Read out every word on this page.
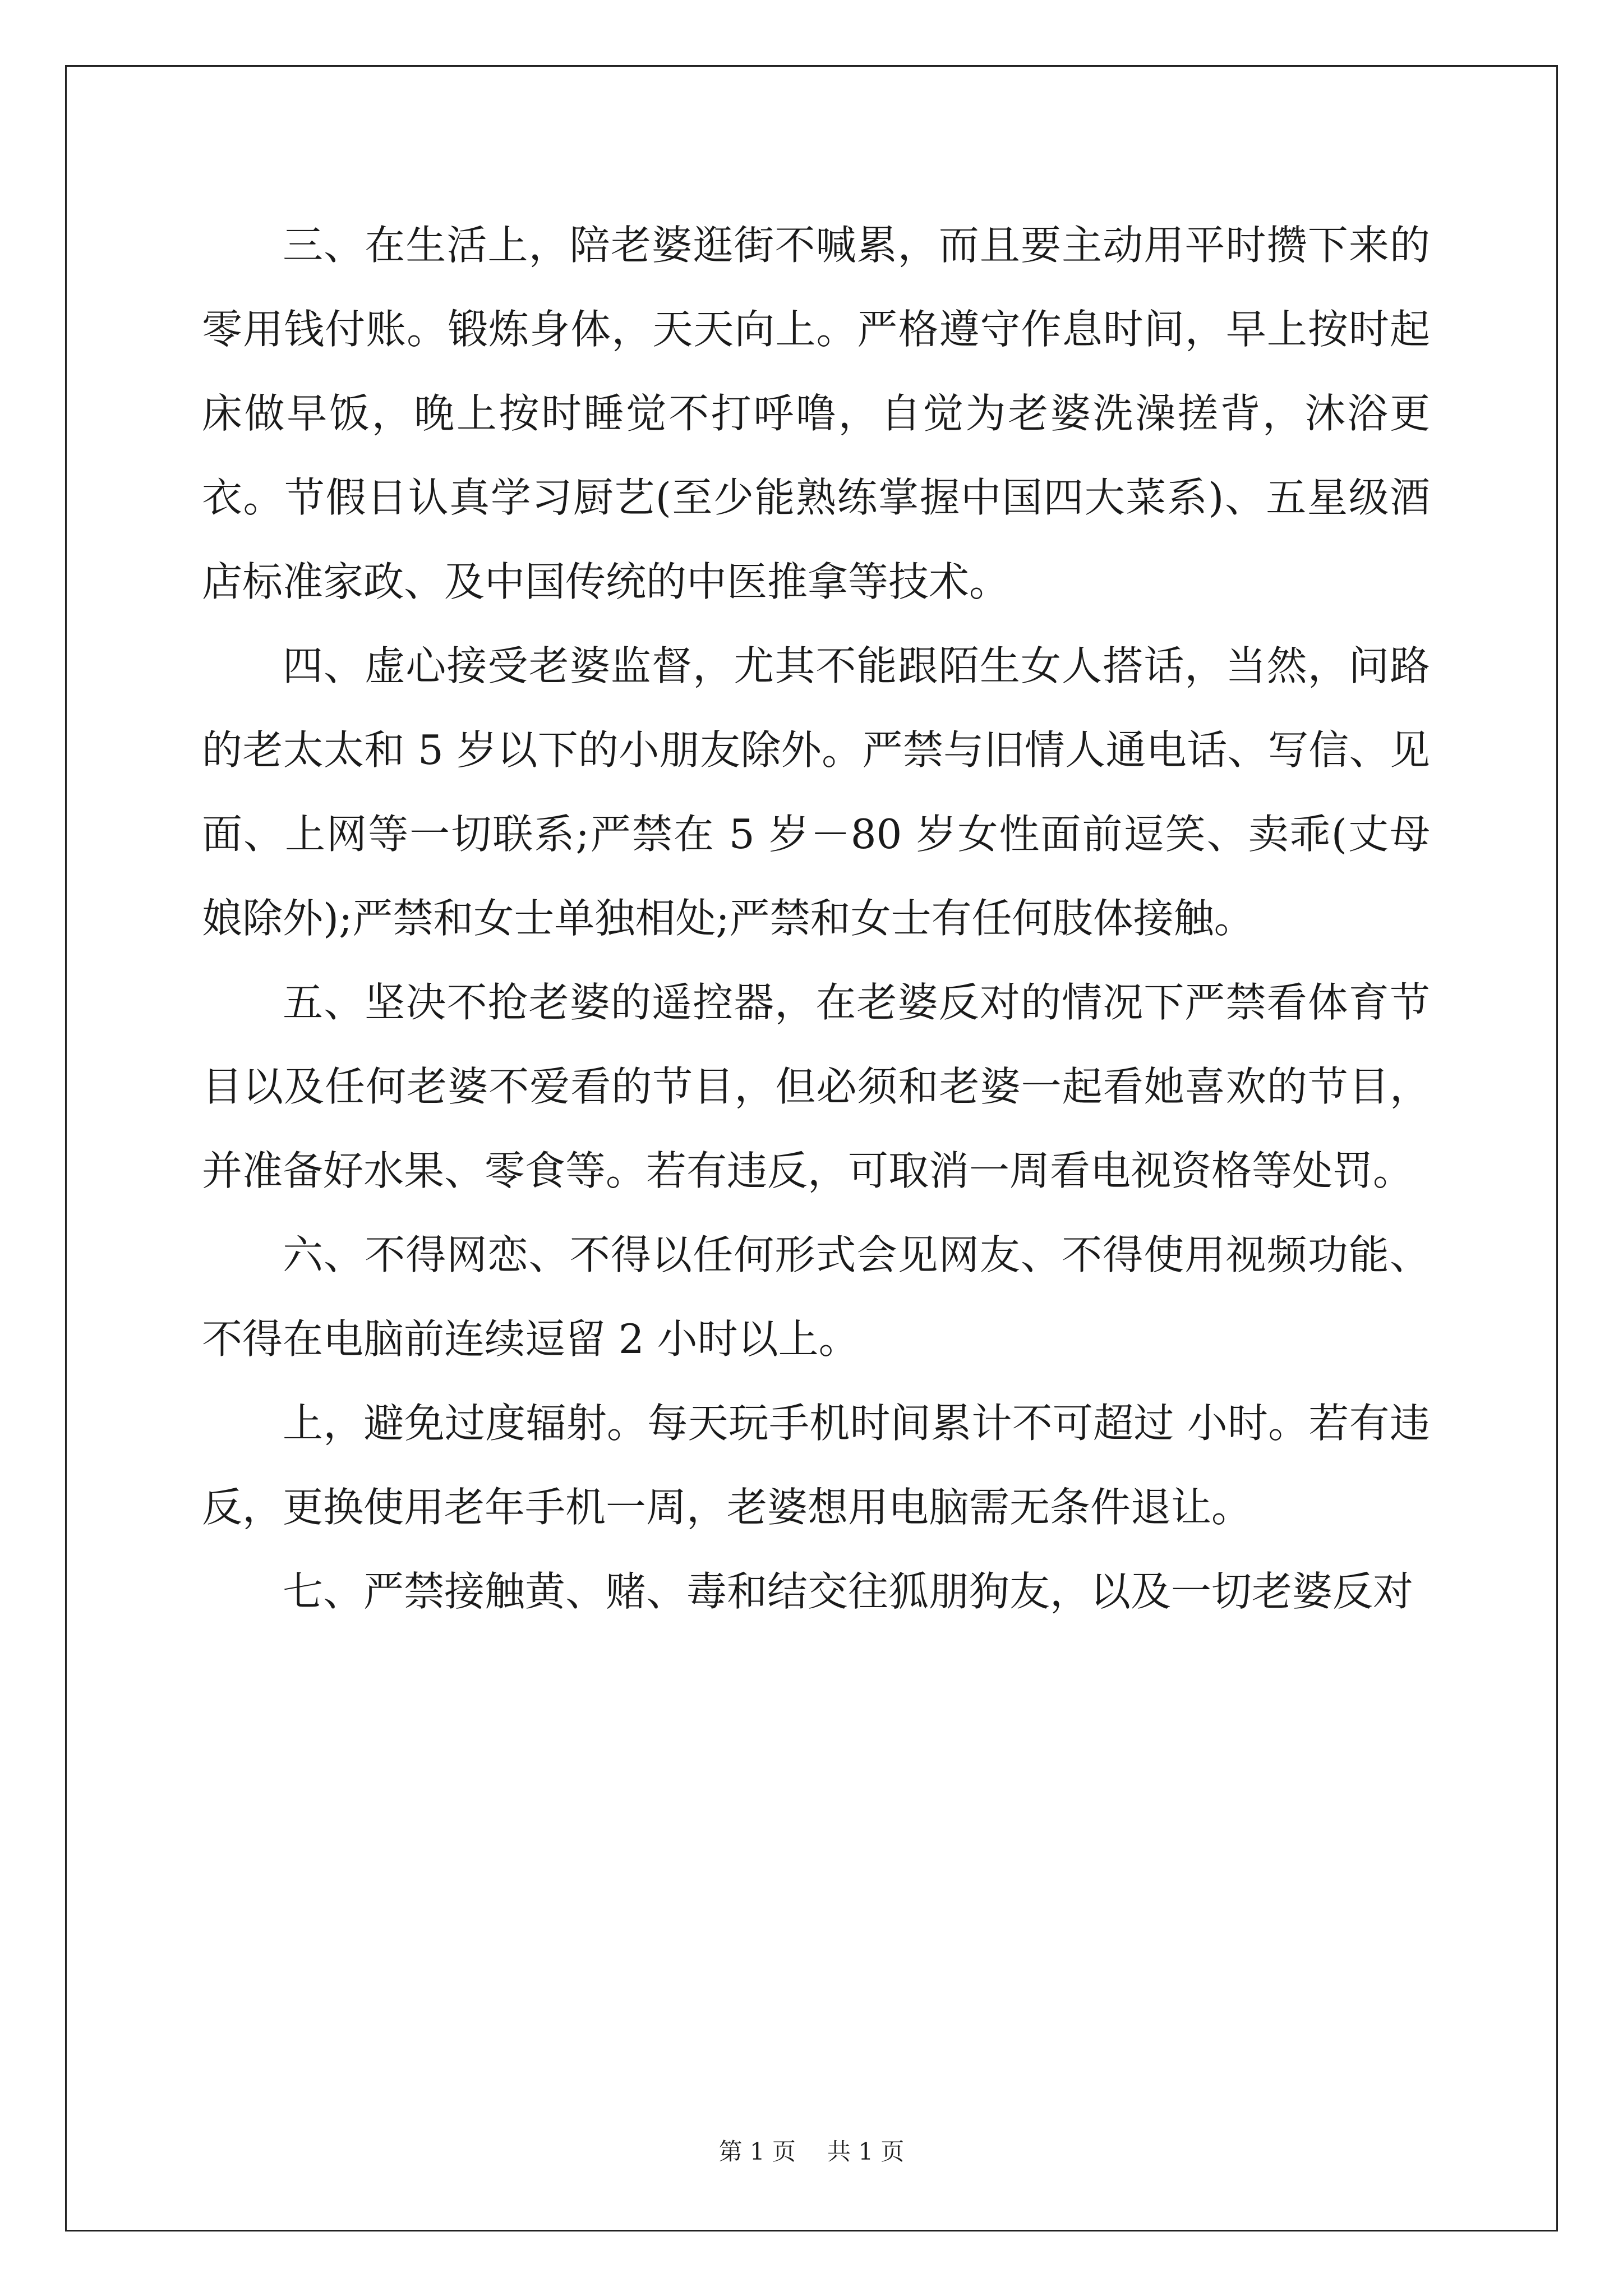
三、在生活上，陪老婆逛街不喊累，而且要主动用平时攒下来的零用钱付账。锻炼身体，天天向上。严格遵守作息时间，早上按时起床做早饭，晚上按时睡觉不打呼噜，自觉为老婆洗澡搓背，沐浴更衣。节假日认真学习厨艺(至少能熟练掌握中国四大菜系)、五星级酒店标准家政、及中国传统的中医推拿等技术。

四、虚心接受老婆监督，尤其不能跟陌生女人搭话，当然，问路的老太太和 5 岁以下的小朋友除外。严禁与旧情人通电话、写信、见面、上网等一切联系;严禁在 5 岁－80 岁女性面前逗笑、卖乖(丈母娘除外);严禁和女士单独相处;严禁和女士有任何肢体接触。

五、坚决不抢老婆的遥控器，在老婆反对的情况下严禁看体育节目以及任何老婆不爱看的节目，但必须和老婆一起看她喜欢的节目，并准备好水果、零食等。若有违反，可取消一周看电视资格等处罚。

六、不得网恋、不得以任何形式会见网友、不得使用视频功能、不得在电脑前连续逗留 2 小时以上。

上，避免过度辐射。每天玩手机时间累计不可超过 小时。若有违反，更换使用老年手机一周，老婆想用电脑需无条件退让。

七、严禁接触黄、赌、毒和结交往狐朋狗友，以及一切老婆反对

第 1 页 共 1 页
